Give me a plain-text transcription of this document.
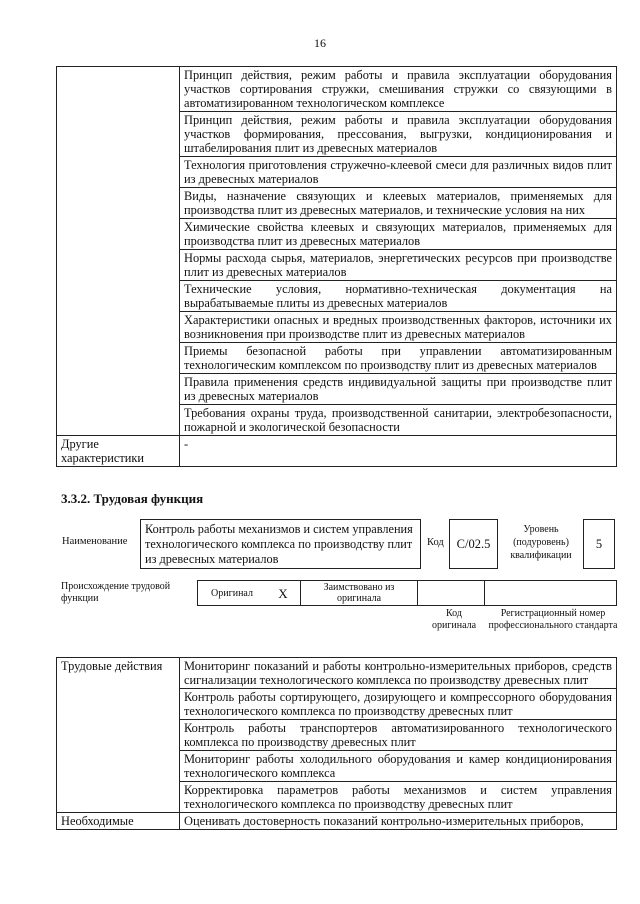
16
	Принцип действия, режим работы и правила эксплуатации оборудования участков сортирования стружки, смешивания стружки со связующими в автоматизированном технологическом комплексе
	Принцип действия, режим работы и правила эксплуатации оборудования участков формирования, прессования, выгрузки, кондиционирования и штабелирования плит из древесных материалов
	Технология приготовления стружечно-клеевой смеси для различных видов плит из древесных материалов
	Виды, назначение связующих и клеевых материалов, применяемых для производства плит из древесных материалов, и технические условия на них
	Химические свойства клеевых и связующих материалов, применяемых для производства плит из древесных материалов
	Нормы расхода сырья, материалов, энергетических ресурсов при производстве плит из древесных материалов
	Технические условия, нормативно-техническая документация на вырабатываемые плиты из древесных материалов
	Характеристики опасных и вредных производственных факторов, источники их возникновения при производстве плит из древесных материалов
	Приемы безопасной работы при управлении автоматизированным технологическим комплексом по производству плит из древесных материалов
	Правила применения средств индивидуальной защиты при производстве плит из древесных материалов
	Требования охраны труда, производственной санитарии, электробезопасности, пожарной и экологической безопасности
Другие характеристики	-
3.3.2. Трудовая функция
Наименование
Контроль работы механизмов и систем управления технологического комплекса по производству плит из древесных материалов
Код	C/02.5
Уровень (подуровень) квалификации
5
Происхождение трудовой функции	Оригинал	X	Заимствовано из оригинала		
Код оригинала
Регистрационный номер профессионального стандарта
Трудовые действия	Мониторинг показаний и работы контрольно-измерительных приборов, средств сигнализации технологического комплекса по производству древесных плит
	Контроль работы сортирующего, дозирующего и компрессорного оборудования технологического комплекса по производству древесных плит
	Контроль работы транспортеров автоматизированного технологического комплекса по производству древесных плит
	Мониторинг работы холодильного оборудования и камер кондиционирования технологического комплекса
	Корректировка параметров работы механизмов и систем управления технологического комплекса по производству древесных плит
Необходимые	Оценивать достоверность показаний контрольно-измерительных приборов,
